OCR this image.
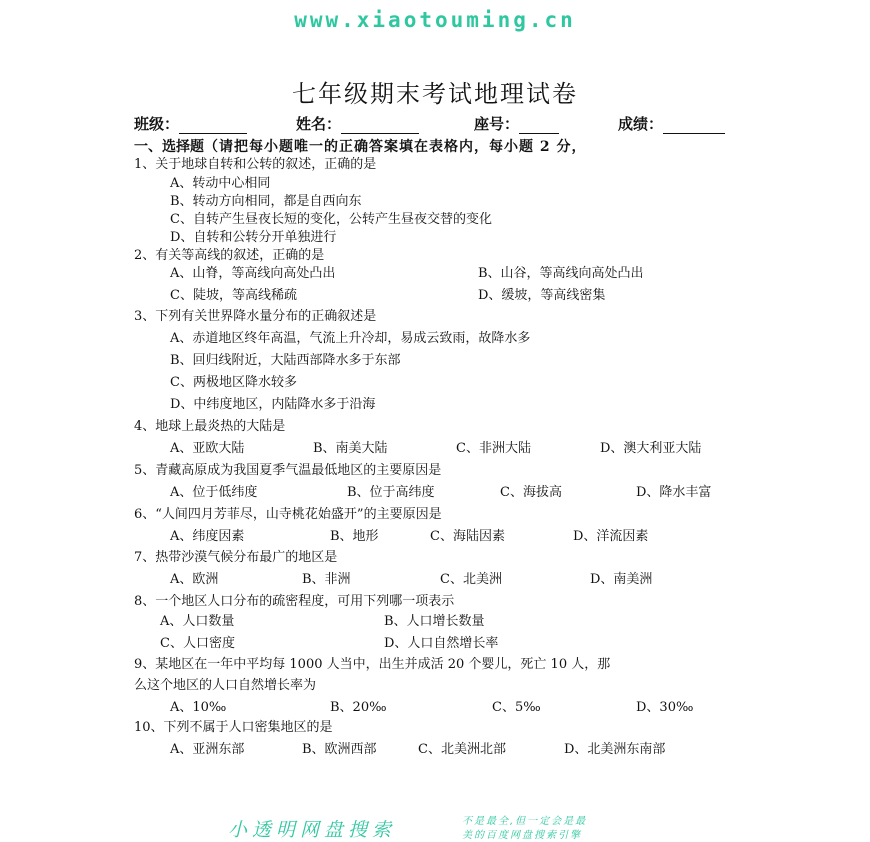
www.xiaotouming.cn
七年级期末考试地理试卷
班级：	姓名：	座号：	成绩：
一、选择题（请把每小题唯一的正确答案填在表格内，每小题 2 分，
1、关于地球自转和公转的叙述，正确的是
A、转动中心相同
B、转动方向相同，都是自西向东
C、自转产生昼夜长短的变化，公转产生昼夜交替的变化
D、自转和公转分开单独进行
2、有关等高线的叙述，正确的是
A、山脊，等高线向高处凸出	B、山谷，等高线向高处凸出
C、陡坡，等高线稀疏	D、缓坡，等高线密集
3、下列有关世界降水量分布的正确叙述是
A、赤道地区终年高温，气流上升冷却，易成云致雨，故降水多
B、回归线附近，大陆西部降水多于东部
C、两极地区降水较多
D、中纬度地区，内陆降水多于沿海
4、地球上最炎热的大陆是
A、亚欧大陆	B、南美大陆	C、非洲大陆	D、澳大利亚大陆
5、青藏高原成为我国夏季气温最低地区的主要原因是
A、位于低纬度	B、位于高纬度	C、海拔高	D、降水丰富
6、“人间四月芳菲尽，山寺桃花始盛开”的主要原因是
A、纬度因素	B、地形	C、海陆因素	D、洋流因素
7、热带沙漠气候分布最广的地区是
A、欧洲	B、非洲	C、北美洲	D、南美洲
8、一个地区人口分布的疏密程度，可用下列哪一项表示
A、人口数量	B、人口增长数量
C、人口密度	D、人口自然增长率
9、某地区在一年中平均每 1000 人当中，出生并成活 20 个婴儿，死亡 10 人，那
么这个地区的人口自然增长率为
A、10‰	B、20‰	C、5‰	D、30‰
10、下列不属于人口密集地区的是
A、亚洲东部	B、欧洲西部	C、北美洲北部	D、北美洲东南部
小透明网盘搜索	不是最全,但一定会是最
美的百度网盘搜索引擎
